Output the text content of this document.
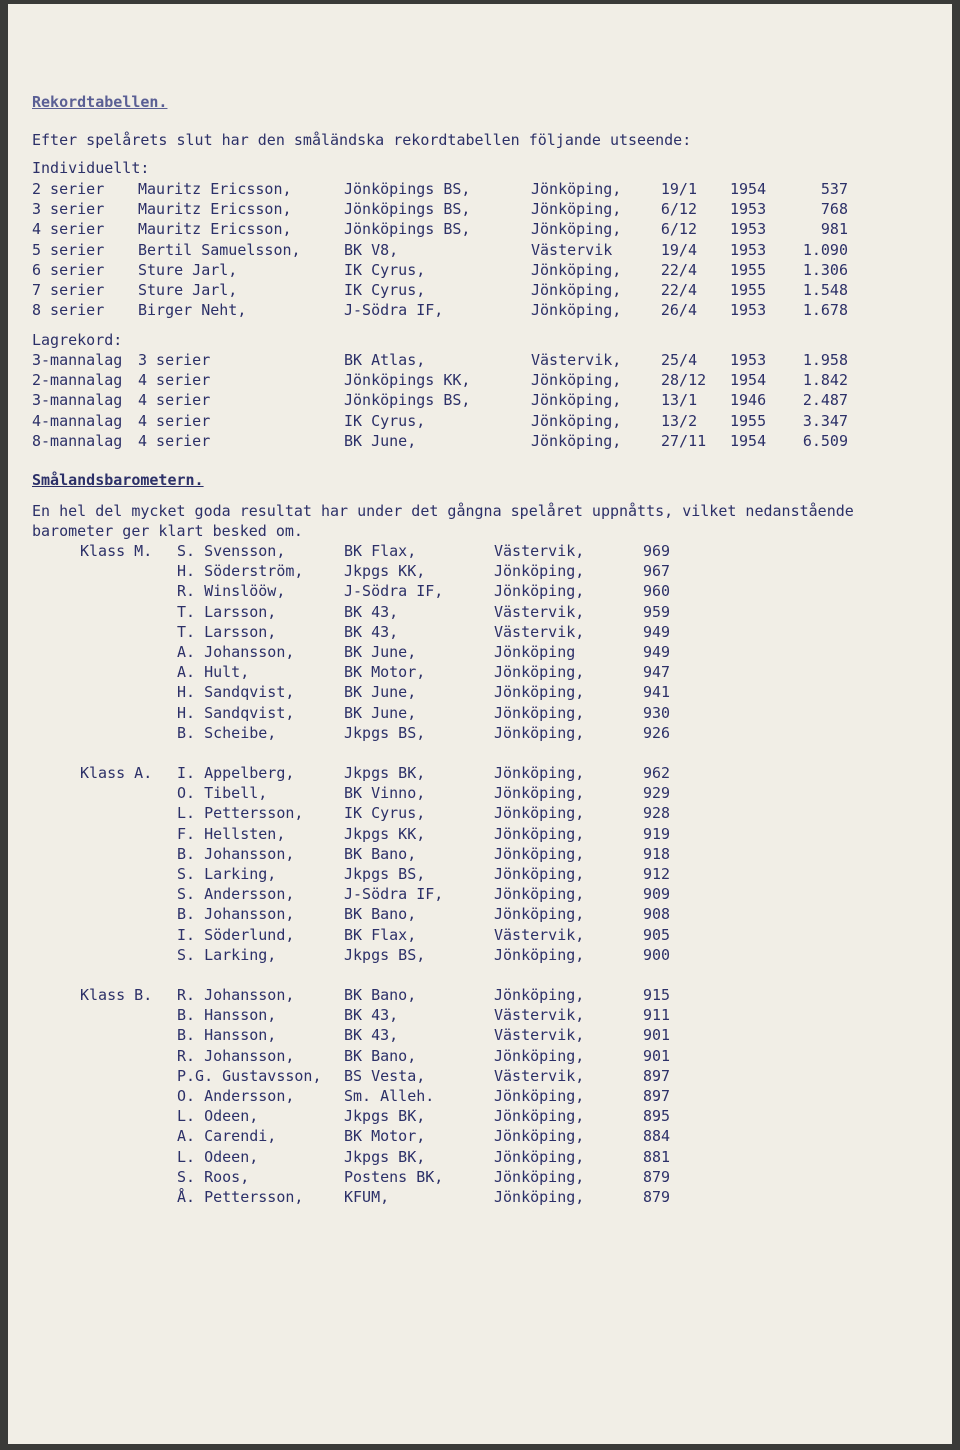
Rekordtabellen.
Efter spelårets slut har den småländska rekordtabellen följande utseende:
Individuellt:
2 serier Mauritz Ericsson,	Jönköpings BS,	Jönköping,	19/1 1954	537
3 serier Mauritz Ericsson,	Jönköpings BS,	Jönköping,	6/12 1953	768
4 serier Mauritz Ericsson,	Jönköpings BS,	Jönköping,	6/12 1953	981
5 serier Bertil Samuelsson,	BK V8,	Västervik	19/4 1953 1.090
6 serier Sture Jarl,	IK Cyrus,	Jönköping,	22/4 1955 1.306
7 serier Sture Jarl,	IK Cyrus,	Jönköping,	22/4 1955 1.548
8 serier Birger Neht,	J-Södra IF,	Jönköping,	26/4 1953 1.678
Lagrekord:
3-mannalag 3 serier	BK Atlas,	Västervik,	25/4 1953 1.958
2-mannalag 4 serier	Jönköpings KK,	Jönköping,	28/12 1954 1.842
3-mannalag 4 serier	Jönköpings BS,	Jönköping,	13/1 1946 2.487
4-mannalag 4 serier	IK Cyrus,	Jönköping,	13/2 1955 3.347
8-mannalag 4 serier	BK June,	Jönköping,	27/11 1954 6.509
Smålandsbarometern.
En hel del mycket goda resultat har under det gångna spelåret uppnåtts, vilket nedanstående
barometer ger klart besked om.
Klass M. S. Svensson,	BK Flax,	Västervik,	969
H. Söderström,	Jkpgs KK,	Jönköping,	967
R. Winslööw,	J-Södra IF,	Jönköping,	960
T. Larsson,	BK 43,	Västervik,	959
T. Larsson,	BK 43,	Västervik,	949
A. Johansson,	BK June,	Jönköping	949
A. Hult,	BK Motor,	Jönköping,	947
H. Sandqvist,	BK June,	Jönköping,	941
H. Sandqvist,	BK June,	Jönköping,	930
B. Scheibe,	Jkpgs BS,	Jönköping,	926
Klass A. I. Appelberg,	Jkpgs BK,	Jönköping,	962
O. Tibell,	BK Vinno,	Jönköping,	929
L. Pettersson,	IK Cyrus,	Jönköping,	928
F. Hellsten,	Jkpgs KK,	Jönköping,	919
B. Johansson,	BK Bano,	Jönköping,	918
S. Larking,	Jkpgs BS,	Jönköping,	912
S. Andersson,	J-Södra IF,	Jönköping,	909
B. Johansson,	BK Bano,	Jönköping,	908
I. Söderlund,	BK Flax,	Västervik,	905
S. Larking,	Jkpgs BS,	Jönköping,	900
Klass B. R. Johansson,	BK Bano,	Jönköping,	915
B. Hansson,	BK 43,	Västervik,	911
B. Hansson,	BK 43,	Västervik,	901
R. Johansson,	BK Bano,	Jönköping,	901
P.G. Gustavsson, BS Vesta,	Västervik,	897
O. Andersson,	Sm. Alleh.	Jönköping,	897
L. Odeen,	Jkpgs BK,	Jönköping,	895
A. Carendi,	BK Motor,	Jönköping,	884
L. Odeen,	Jkpgs BK,	Jönköping,	881
S. Roos,	Postens BK,	Jönköping,	879
Å. Pettersson,	KFUM,	Jönköping,	879
